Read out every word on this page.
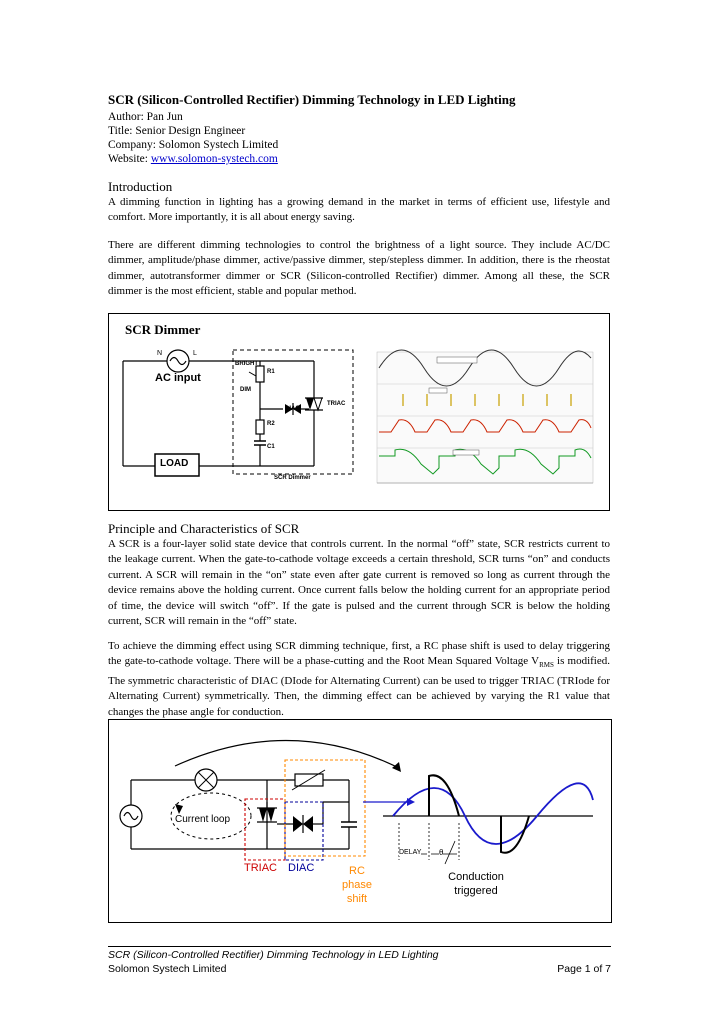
SCR (Silicon-Controlled Rectifier) Dimming Technology in LED Lighting
Author: Pan Jun
Title: Senior Design Engineer
Company: Solomon Systech Limited
Website: www.solomon-systech.com
Introduction
A dimming function in lighting has a growing demand in the market in terms of efficient use, lifestyle and comfort. More importantly, it is all about energy saving.
There are different dimming technologies to control the brightness of a light source. They include AC/DC dimmer, amplitude/phase dimmer, active/passive dimmer, step/stepless dimmer. In addition, there is the rheostat dimmer, autotransformer dimmer or SCR (Silicon-controlled Rectifier) dimmer. Among all these, the SCR dimmer is the most efficient, stable and popular method.
SCR Dimmer
N	L
AC input
BRIGHT
DIM
R1
R2
C1
DIAC
TRIAC
LOAD
SCR Dimmer
Principle and Characteristics of SCR
A SCR is a four-layer solid state device that controls current. In the normal “off” state, SCR restricts current to the leakage current. When the gate-to-cathode voltage exceeds a certain threshold, SCR turns “on” and conducts current. A SCR will remain in the “on” state even after gate current is removed so long as current through the device remains above the holding current. Once current falls below the holding current for an appropriate period of time, the device will switch “off”. If the gate is pulsed and the current through SCR is below the holding current, SCR will remain in the “off” state.
To achieve the dimming effect using SCR dimming technique, first, a RC phase shift is used to delay triggering the gate-to-cathode voltage. There will be a phase-cutting and the Root Mean Squared Voltage $V_{RMS}$ is modified. The symmetric characteristic of DIAC (DIode for Alternating Current) can be used to trigger TRIAC (TRIode for Alternating Current) symmetrically. Then, the dimming effect can be achieved by varying the R1 value that changes the phase angle for conduction.
Current loop
TRIAC DIAC	RC
phase
shift
DELAY θ
Conduction
triggered
SCR (Silicon-Controlled Rectifier) Dimming Technology in LED Lighting
Solomon Systech Limited	Page 1 of 7
